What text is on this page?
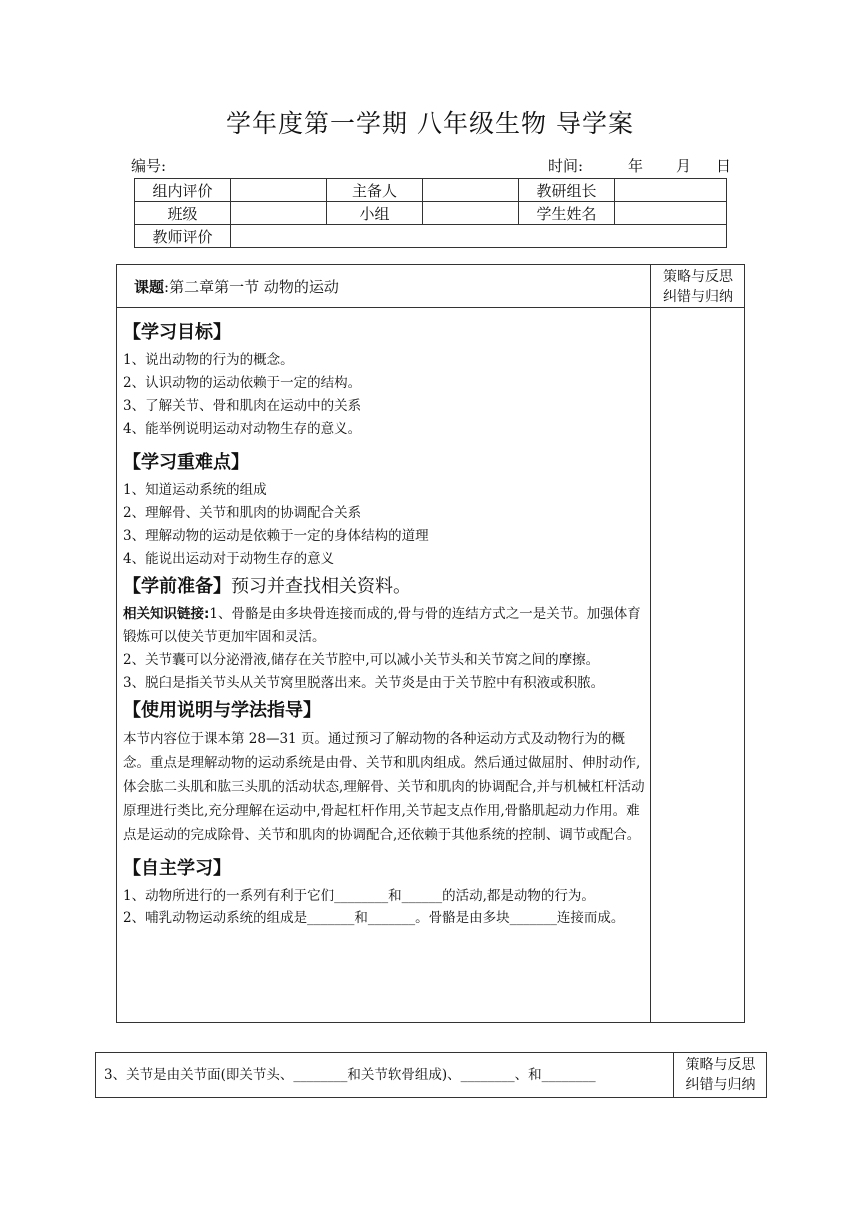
学年度第一学期 八年级生物 导学案
编号:	时间:	年 月 日
组内评价		主备人		教研组长	
班级		小组		学生姓名	
教师评价					
策略与反思
纠错与归纳
课题:第二章第一节 动物的运动

【学习目标】

1、说出动物的行为的概念。

2、认识动物的运动依赖于一定的结构。

3、了解关节、骨和肌肉在运动中的关系

4、能举例说明运动对动物生存的意义。

【学习重难点】

1、知道运动系统的组成

2、理解骨、关节和肌肉的协调配合关系

3、理解动物的运动是依赖于一定的身体结构的道理

4、能说出运动对于动物生存的意义

【学前准备】预习并查找相关资料。

相关知识链接:1、骨骼是由多块骨连接而成的,骨与骨的连结方式之一是关节。加强体育锻炼可以使关节更加牢固和灵活。

2、关节囊可以分泌滑液,储存在关节腔中,可以减小关节头和关节窝之间的摩擦。

3、脱臼是指关节头从关节窝里脱落出来。关节炎是由于关节腔中有积液或积脓。

【使用说明与学法指导】

本节内容位于课本第 28—31 页。通过预习了解动物的各种运动方式及动物行为的概念。重点是理解动物的运动系统是由骨、关节和肌肉组成。然后通过做屈肘、伸肘动作,体会肱二头肌和肱三头肌的活动状态,理解骨、关节和肌肉的协调配合,并与机械杠杆活动原理进行类比,充分理解在运动中,骨起杠杆作用,关节起支点作用,骨骼肌起动力作用。难点是运动的完成除骨、关节和肌肉的协调配合,还依赖于其他系统的控制、调节或配合。

【自主学习】

1、动物所进行的一系列有利于它们________和______的活动,都是动物的行为。

2、哺乳动物运动系统的组成是_______和_______。骨骼是由多块_______连接而成。

3、关节是由关节面(即关节头、________和关节软骨组成)、________、和________
策略与反思
纠错与归纳
